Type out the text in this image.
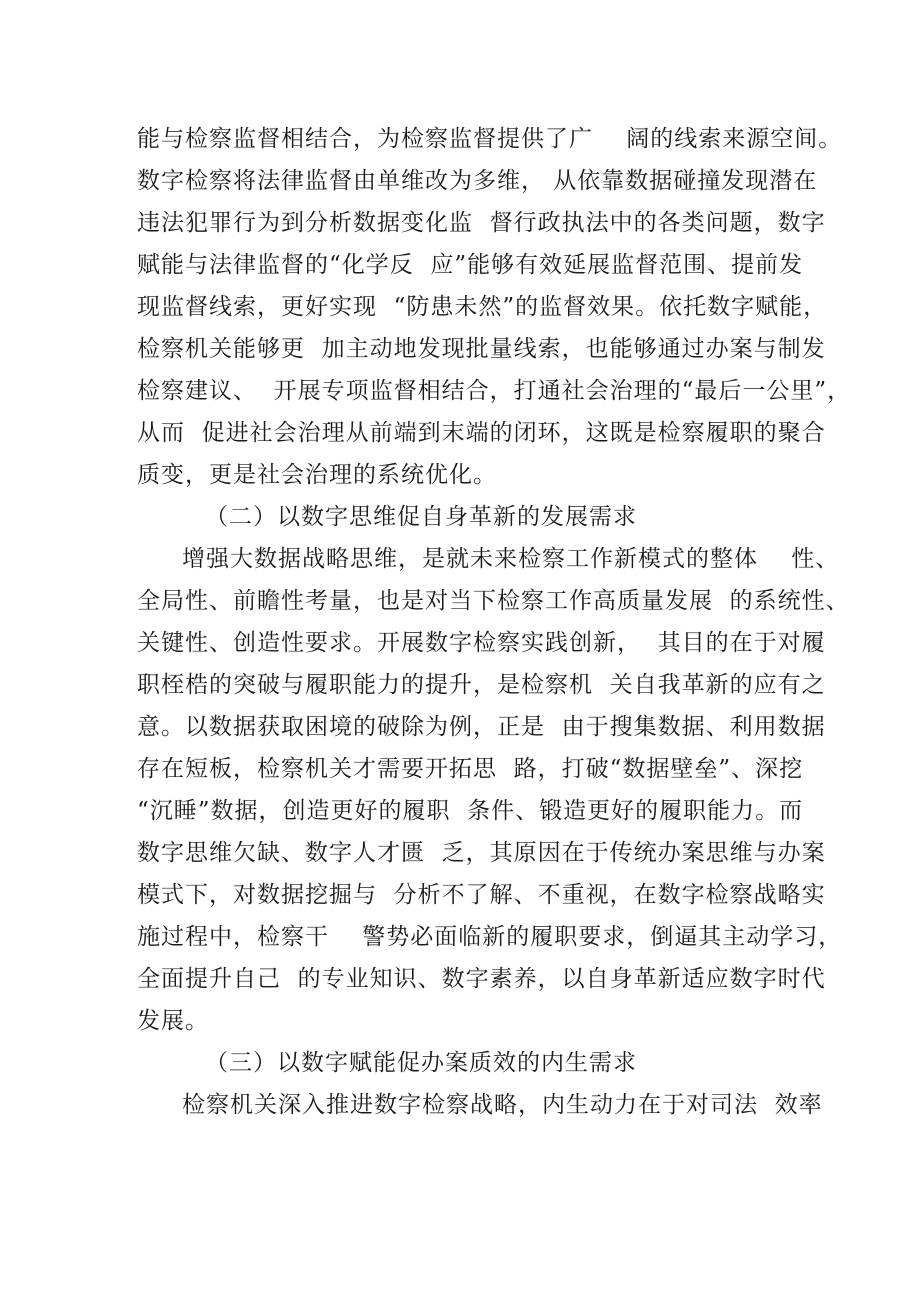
能与检察监督相结合，为检察监督提供了广    阔的线索来源空间。
数字检察将法律监督由单维改为多维， 从依靠数据碰撞发现潜在
违法犯罪行为到分析数据变化监  督行政执法中的各类问题，数字
赋能与法律监督的“化学反  应”能够有效延展监督范围、提前发
现监督线索，更好实现  “防患未然”的监督效果。依托数字赋能，
检察机关能够更  加主动地发现批量线索，也能够通过办案与制发
检察建议、  开展专项监督相结合，打通社会治理的“最后一公里”，
从而  促进社会治理从前端到末端的闭环，这既是检察履职的聚合
质变，更是社会治理的系统优化。
（二）以数字思维促自身革新的发展需求
增强大数据战略思维，是就未来检察工作新模式的整体    性、
全局性、前瞻性考量，也是对当下检察工作高质量发展  的系统性、
关键性、创造性要求。开展数字检察实践创新，  其目的在于对履
职桎梏的突破与履职能力的提升，是检察机  关自我革新的应有之
意。以数据获取困境的破除为例，正是  由于搜集数据、利用数据
存在短板，检察机关才需要开拓思  路，打破“数据壁垒”、深挖
“沉睡”数据，创造更好的履职  条件、锻造更好的履职能力。而
数字思维欠缺、数字人才匮  乏，其原因在于传统办案思维与办案
模式下，对数据挖掘与  分析不了解、不重视，在数字检察战略实
施过程中，检察干    警势必面临新的履职要求，倒逼其主动学习，
全面提升自己  的专业知识、数字素养，以自身革新适应数字时代
发展。
（三）以数字赋能促办案质效的内生需求
检察机关深入推进数字检察战略，内生动力在于对司法  效率
